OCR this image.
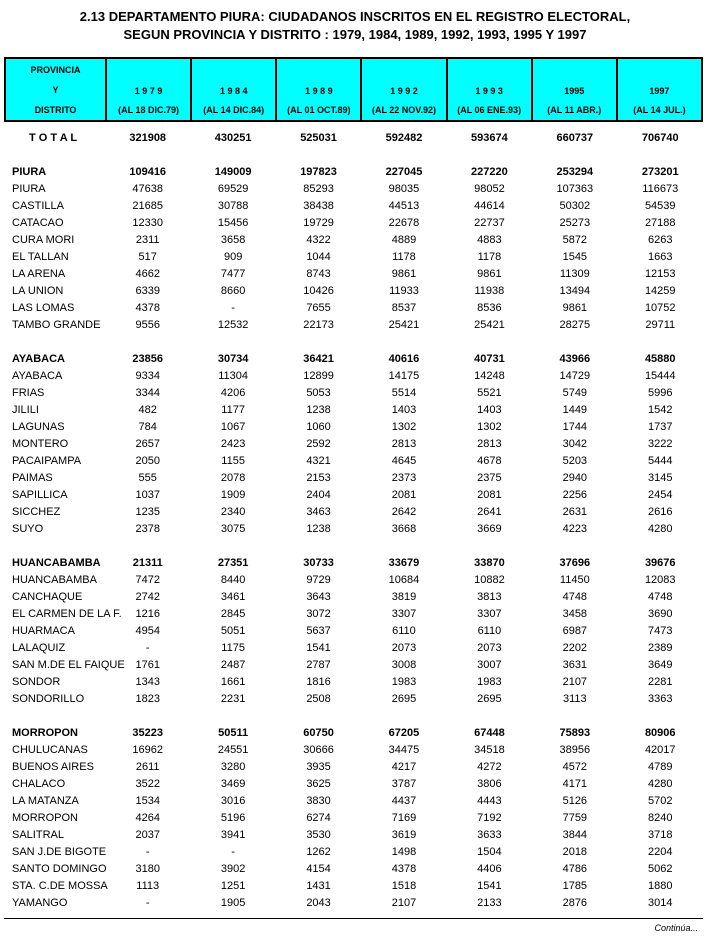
2.13 DEPARTAMENTO PIURA: CIUDADANOS INSCRITOS EN EL REGISTRO ELECTORAL,
SEGUN PROVINCIA Y DISTRITO : 1979, 1984, 1989, 1992, 1993, 1995 Y 1997
PROVINCIA
Y
DISTRITO
1 9 7 9
(AL 18 DIC.79)
1 9 8 4
(AL 14 DIC.84)
1 9 8 9
(AL 01 OCT.89)
1 9 9 2
(AL 22 NOV.92)
1 9 9 3
(AL 06 ENE.93)
1995
(AL 11 ABR.)
1997
(AL 14 JUL.)
T O T A L	321908	430251	525031	592482	593674	660737	706740
PIURA	109416	149009	197823	227045	227220	253294	273201
PIURA	47638	69529	85293	98035	98052	107363	116673
CASTILLA	21685	30788	38438	44513	44614	50302	54539
CATACAO	12330	15456	19729	22678	22737	25273	27188
CURA MORI	2311	3658	4322	4889	4883	5872	6263
EL TALLAN	517	909	1044	1178	1178	1545	1663
LA ARENA	4662	7477	8743	9861	9861	11309	12153
LA UNION	6339	8660	10426	11933	11938	13494	14259
LAS LOMAS	4378	-	7655	8537	8536	9861	10752
TAMBO GRANDE	9556	12532	22173	25421	25421	28275	29711
AYABACA	23856	30734	36421	40616	40731	43966	45880
AYABACA	9334	11304	12899	14175	14248	14729	15444
FRIAS	3344	4206	5053	5514	5521	5749	5996
JILILI	482	1177	1238	1403	1403	1449	1542
LAGUNAS	784	1067	1060	1302	1302	1744	1737
MONTERO	2657	2423	2592	2813	2813	3042	3222
PACAIPAMPA	2050	1155	4321	4645	4678	5203	5444
PAIMAS	555	2078	2153	2373	2375	2940	3145
SAPILLICA	1037	1909	2404	2081	2081	2256	2454
SICCHEZ	1235	2340	3463	2642	2641	2631	2616
SUYO	2378	3075	1238	3668	3669	4223	4280
HUANCABAMBA	21311	27351	30733	33679	33870	37696	39676
HUANCABAMBA	7472	8440	9729	10684	10882	11450	12083
CANCHAQUE	2742	3461	3643	3819	3813	4748	4748
EL CARMEN DE LA F.	1216	2845	3072	3307	3307	3458	3690
HUARMACA	4954	5051	5637	6110	6110	6987	7473
LALAQUIZ	-	1175	1541	2073	2073	2202	2389
SAN M.DE EL FAIQUE 1761	2487	2787	3008	3007	3631	3649
SONDOR	1343	1661	1816	1983	1983	2107	2281
SONDORILLO	1823	2231	2508	2695	2695	3113	3363
MORROPON	35223	50511	60750	67205	67448	75893	80906
CHULUCANAS	16962	24551	30666	34475	34518	38956	42017
BUENOS AIRES	2611	3280	3935	4217	4272	4572	4789
CHALACO	3522	3469	3625	3787	3806	4171	4280
LA MATANZA	1534	3016	3830	4437	4443	5126	5702
MORROPON	4264	5196	6274	7169	7192	7759	8240
SALITRAL	2037	3941	3530	3619	3633	3844	3718
SAN J.DE BIGOTE	-	-	1262	1498	1504	2018	2204
SANTO DOMINGO	3180	3902	4154	4378	4406	4786	5062
STA. C.DE MOSSA	1113	1251	1431	1518	1541	1785	1880
YAMANGO	-	1905	2043	2107	2133	2876	3014
Continúa...
